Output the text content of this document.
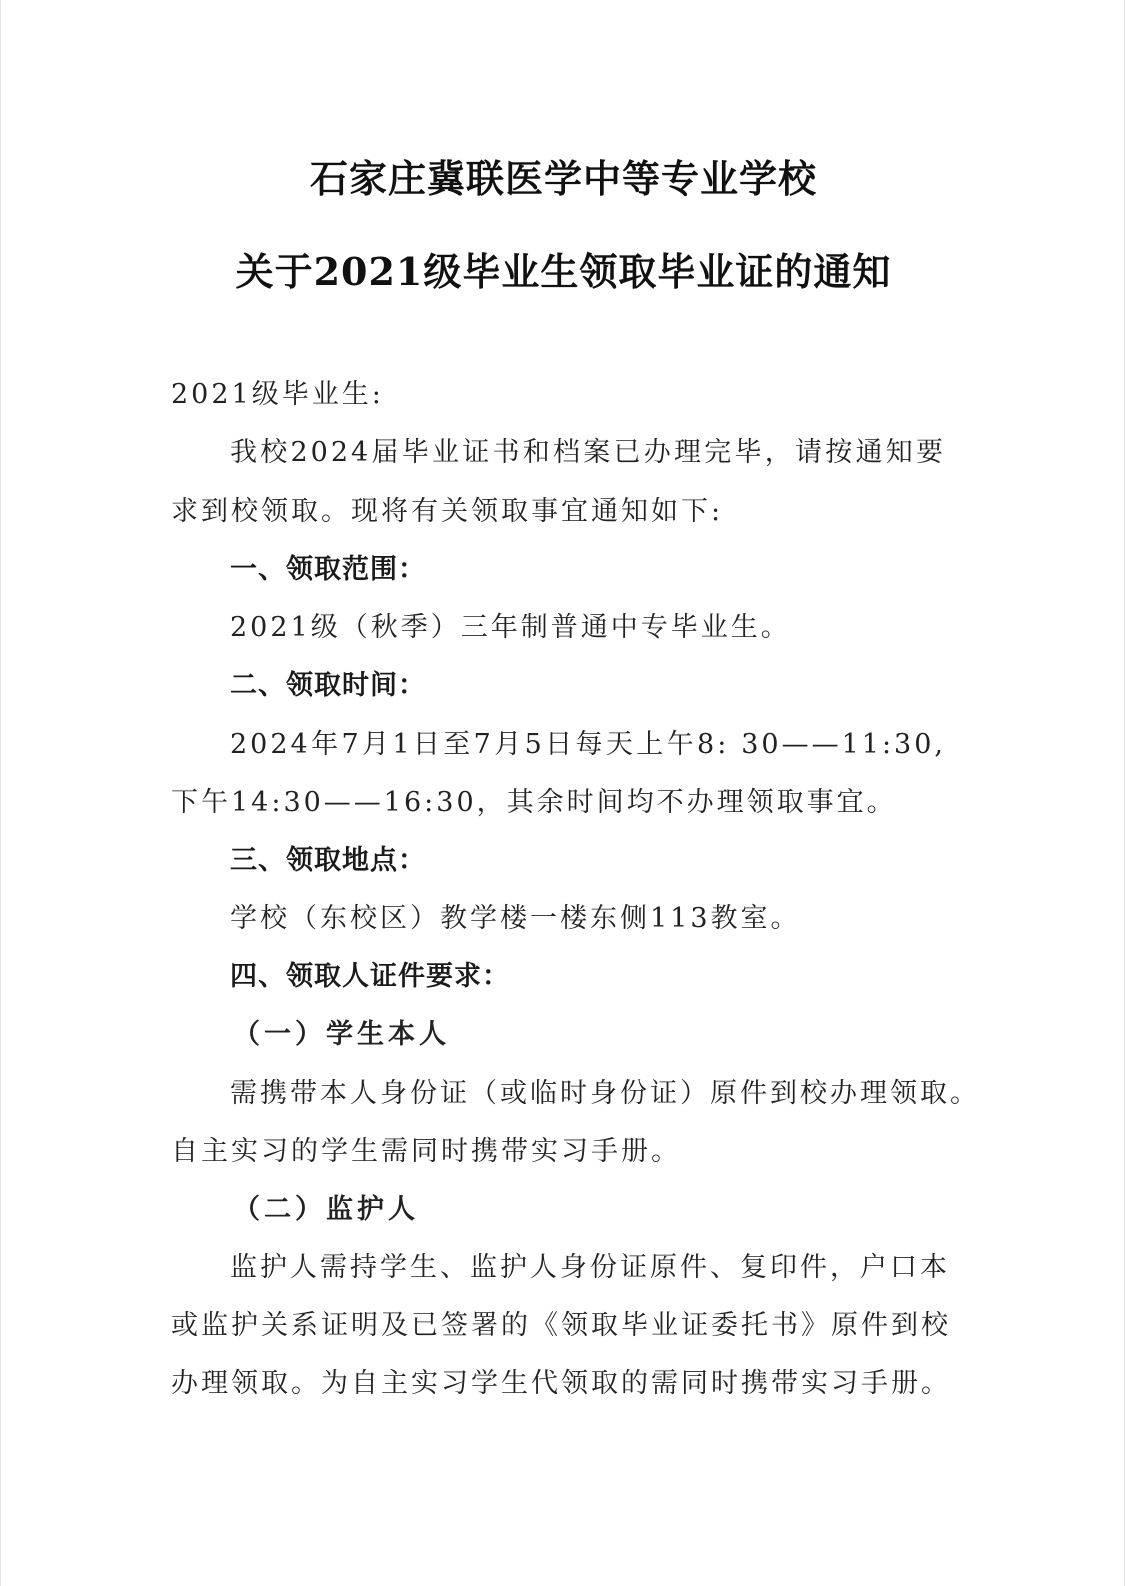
石家庄冀联医学中等专业学校
关于2021级毕业生领取毕业证的通知
2021级毕业生:
我校2024届毕业证书和档案已办理完毕，请按通知要
求到校领取。现将有关领取事宜通知如下:
一、领取范围：
2021级（秋季）三年制普通中专毕业生。
二、领取时间：
2024年7月1日至7月5日每天上午8: 30——11:30,
下午14:30——16:30，其余时间均不办理领取事宜。
三、领取地点：
学校（东校区）教学楼一楼东侧113教室。
四、领取人证件要求：
（一）学生本人
需携带本人身份证（或临时身份证）原件到校办理领取。
自主实习的学生需同时携带实习手册。
（二）监护人
监护人需持学生、监护人身份证原件、复印件，户口本
或监护关系证明及已签署的《领取毕业证委托书》原件到校
办理领取。为自主实习学生代领取的需同时携带实习手册。
